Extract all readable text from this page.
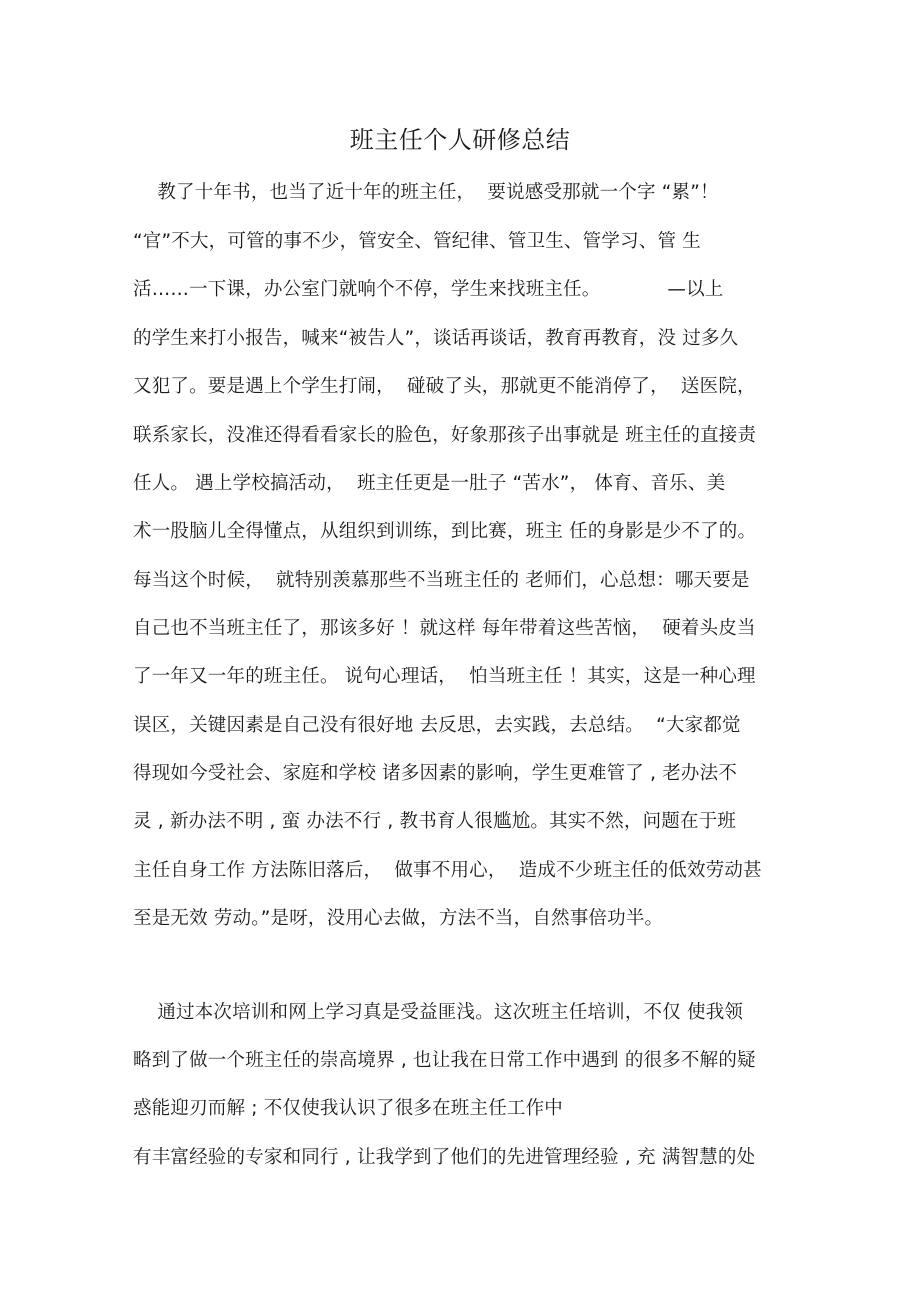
班主任个人研修总结
教了十年书，也当了近十年的班主任，  要说感受那就一个字 “累”！
“官”不大，可管的事不少，管安全、管纪律、管卫生、管学习、管 生
活……一下课，办公室门就响个不停，学生来找班主任。           —以上
的学生来打小报告，喊来“被告人”，谈话再谈话，教育再教育，没 过多久
又犯了。要是遇上个学生打闹，  碰破了头，那就更不能消停了，  送医院，
联系家长，没准还得看看家长的脸色，好象那孩子出事就是 班主任的直接责
任人。 遇上学校搞活动，  班主任更是一肚子 “苦水”， 体育、音乐、美
术一股脑儿全得懂点，从组织到训练，到比赛，班主 任的身影是少不了的。
每当这个时候，  就特别羡慕那些不当班主任的 老师们，心总想：哪天要是
自己也不当班主任了，那该多好 ！就这样 每年带着这些苦恼，  硬着头皮当
了一年又一年的班主任。 说句心理话，  怕当班主任 ！其实，这是一种心理
误区，关键因素是自己没有很好地 去反思，去实践，去总结。  “大家都觉
得现如今受社会、家庭和学校 诸多因素的影响，学生更难管了 , 老办法不
灵 , 新办法不明 , 蛮 办法不行 , 教书育人很尴尬。其实不然，问题在于班
主任自身工作 方法陈旧落后，  做事不用心，  造成不少班主任的低效劳动甚
至是无效 劳动。”是呀，没用心去做，方法不当，自然事倍功半。
通过本次培训和网上学习真是受益匪浅。这次班主任培训，不仅 使我领
略到了做一个班主任的崇高境界 , 也让我在日常工作中遇到 的很多不解的疑
惑能迎刃而解 ; 不仅使我认识了很多在班主任工作中
有丰富经验的专家和同行 , 让我学到了他们的先进管理经验 , 充 满智慧的处
